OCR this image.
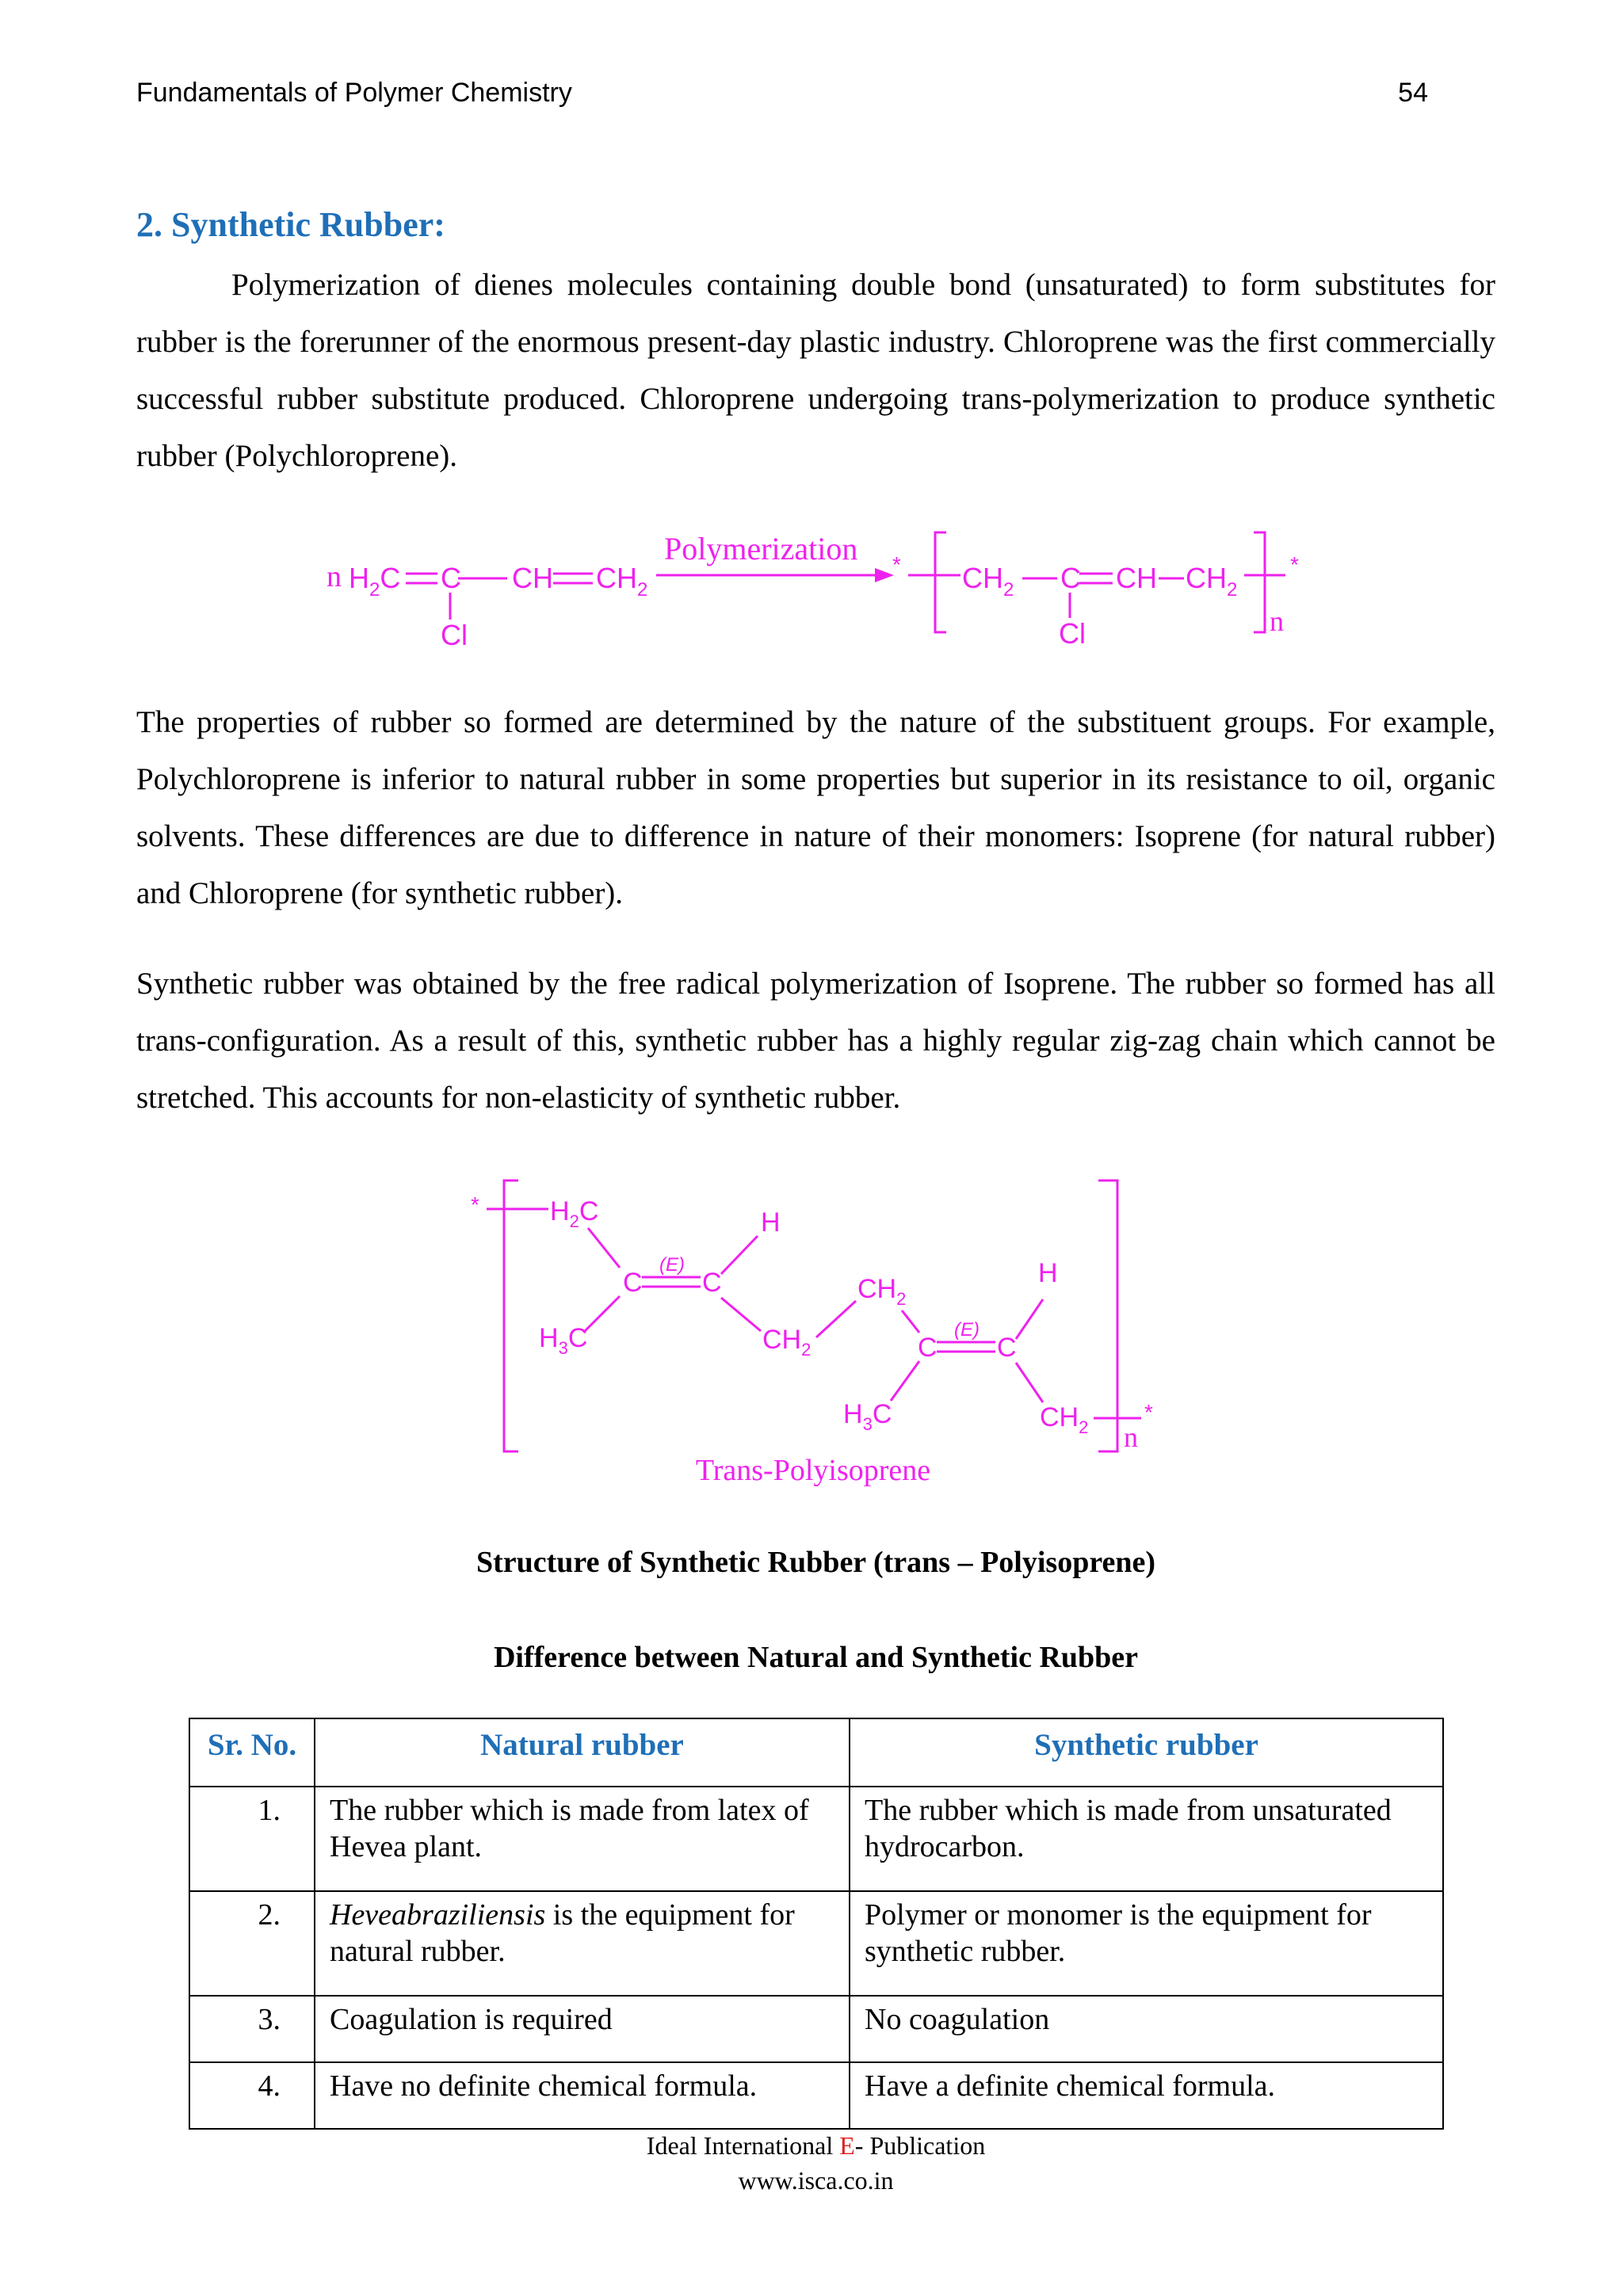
Fundamentals of Polymer Chemistry	54
2. Synthetic Rubber:

Polymerization of dienes molecules containing double bond (unsaturated) to form substitutes for rubber is the forerunner of the enormous present-day plastic industry. Chloroprene was the first commercially successful rubber substitute produced. Chloroprene undergoing trans-polymerization to produce synthetic rubber (Polychloroprene).

n $H_2C$ C
Cl
CH $CH_2$
Polymerization * $CH_2$ C
Cl
CH $CH_2$
*
n

The properties of rubber so formed are determined by the nature of the substituent groups. For example, Polychloroprene is inferior to natural rubber in some properties but superior in its resistance to oil, organic solvents. These differences are due to difference in nature of their monomers: Isoprene (for natural rubber) and Chloroprene (for synthetic rubber).

Synthetic rubber was obtained by the free radical polymerization of Isoprene. The rubber so formed has all trans-configuration. As a result of this, synthetic rubber has a highly regular zig-zag chain which cannot be stretched. This accounts for non-elasticity of synthetic rubber.

*	$H_2C$
C
(E)
C
$H_3C$
H
$CH_2$
$CH_2$
C
(E)
C
$H_3C$
H
$CH_2$
*
n
Trans-Polyisoprene
Structure of Synthetic Rubber (trans – Polyisoprene)
Difference between Natural and Synthetic Rubber
Sr. No.	Natural rubber	Synthetic rubber
1.	The rubber which is made from latex of Hevea plant.	The rubber which is made from unsaturated hydrocarbon.
2.	Heveabraziliensis is the equipment for natural rubber.	Polymer or monomer is the equipment for synthetic rubber.
3.	Coagulation is required	No coagulation
4.	Have no definite chemical formula.	Have a definite chemical formula.
Ideal International E- Publication
www.isca.co.in
